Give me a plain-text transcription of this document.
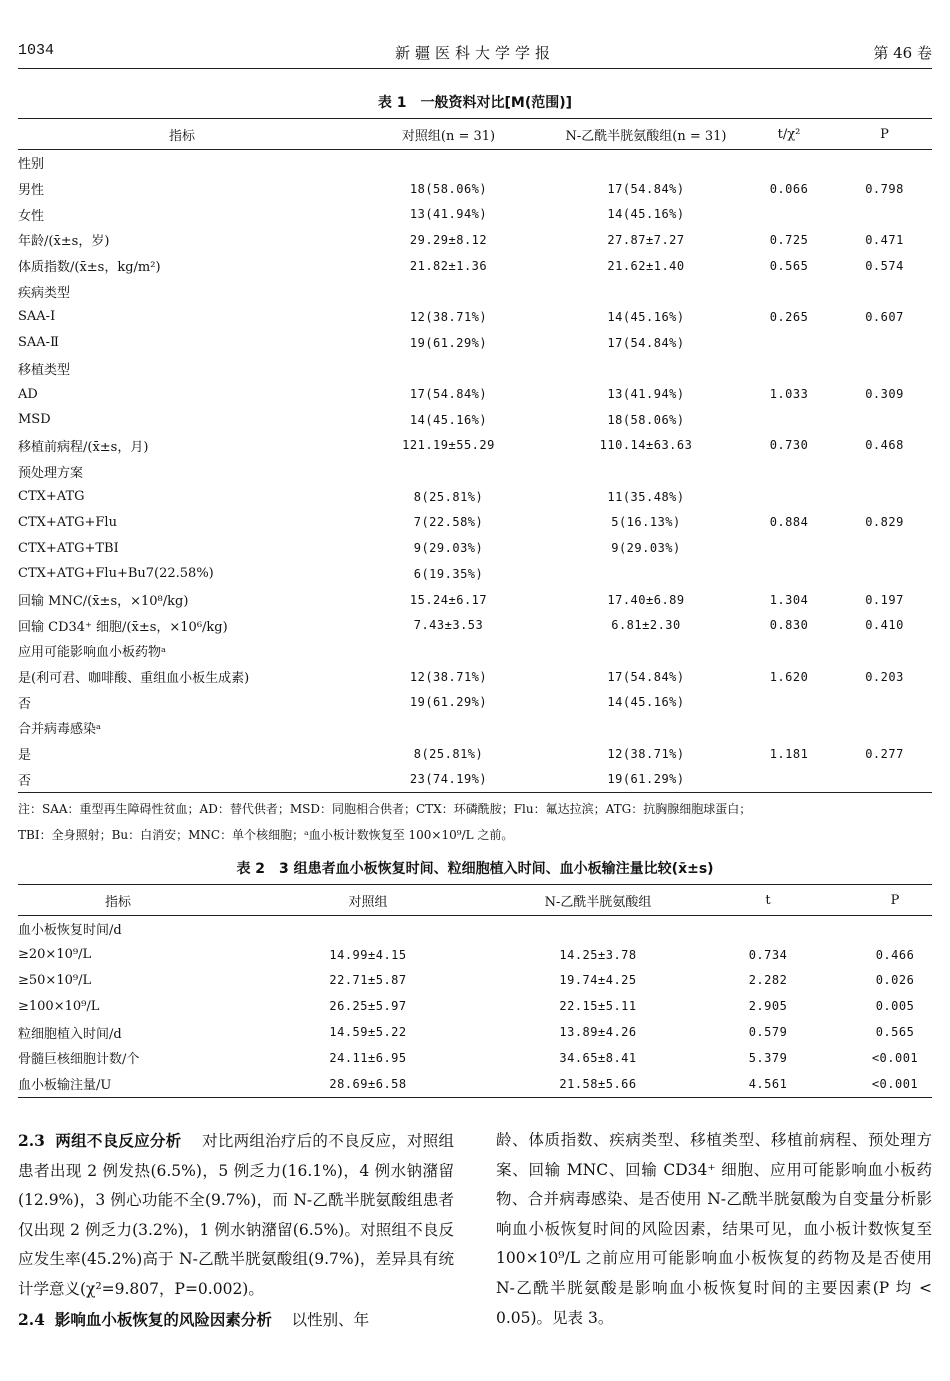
1034	新疆医科大学学报	第 46 卷
表 1　一般资料对比[M(范围)]
指标	对照组(n = 31)	N-乙酰半胱氨酸组(n = 31)	t/χ²	P
性别				
男性	18(58.06%)	17(54.84%)	0.066	0.798
女性	13(41.94%)	14(45.16%)		
年龄/(x̄±s，岁)	29.29±8.12	27.87±7.27	0.725	0.471
体质指数/(x̄±s，kg/m²)	21.82±1.36	21.62±1.40	0.565	0.574
疾病类型				
SAA-Ⅰ	12(38.71%)	14(45.16%)	0.265	0.607
SAA-Ⅱ	19(61.29%)	17(54.84%)		
移植类型				
AD	17(54.84%)	13(41.94%)	1.033	0.309
MSD	14(45.16%)	18(58.06%)		
移植前病程/(x̄±s，月)	121.19±55.29	110.14±63.63	0.730	0.468
预处理方案				
CTX+ATG	8(25.81%)	11(35.48%)		
CTX+ATG+Flu	7(22.58%)	5(16.13%)	0.884	0.829
CTX+ATG+TBI	9(29.03%)	9(29.03%)		
CTX+ATG+Flu+Bu7(22.58%)	6(19.35%)			
回输 MNC/(x̄±s，×10⁸/kg)	15.24±6.17	17.40±6.89	1.304	0.197
回输 CD34⁺ 细胞/(x̄±s，×10⁶/kg)	7.43±3.53	6.81±2.30	0.830	0.410
应用可能影响血小板药物ᵃ				
是(利可君、咖啡酸、重组血小板生成素)	12(38.71%)	17(54.84%)	1.620	0.203
否	19(61.29%)	14(45.16%)		
合并病毒感染ᵃ				
是	8(25.81%)	12(38.71%)	1.181	0.277
否	23(74.19%)	19(61.29%)		
注：SAA：重型再生障碍性贫血；AD：替代供者；MSD：同胞相合供者；CTX：环磷酰胺；Flu：氟达拉滨；ATG：抗胸腺细胞球蛋白；
TBI：全身照射；Bu：白消安；MNC：单个核细胞；ᵃ血小板计数恢复至 100×10⁹/L 之前。
表 2　3 组患者血小板恢复时间、粒细胞植入时间、血小板输注量比较(x̄±s)
指标	对照组	N-乙酰半胱氨酸组	t	P
血小板恢复时间/d				
≥20×10⁹/L	14.99±4.15	14.25±3.78	0.734	0.466
≥50×10⁹/L	22.71±5.87	19.74±4.25	2.282	0.026
≥100×10⁹/L	26.25±5.97	22.15±5.11	2.905	0.005
粒细胞植入时间/d	14.59±5.22	13.89±4.26	0.579	0.565
骨髓巨核细胞计数/个	24.11±6.95	34.65±8.41	5.379	<0.001
血小板输注量/U	28.69±6.58	21.58±5.66	4.561	<0.001

2.3 两组不良反应分析 对比两组治疗后的不良反应，对照组患者出现 2 例发热(6.5%)，5 例乏力(16.1%)，4 例水钠潴留(12.9%)，3 例心功能不全(9.7%)，而 N-乙酰半胱氨酸组患者仅出现 2 例乏力(3.2%)，1 例水钠潴留(6.5%)。对照组不良反应发生率(45.2%)高于 N-乙酰半胱氨酸组(9.7%)，差异具有统计学意义(χ²=9.807，P=0.002)。

2.4 影响血小板恢复的风险因素分析 以性别、年

龄、体质指数、疾病类型、移植类型、移植前病程、预处理方案、回输 MNC、回输 CD34⁺ 细胞、应用可能影响血小板药物、合并病毒感染、是否使用 N-乙酰半胱氨酸为自变量分析影响血小板恢复时间的风险因素，结果可见，血小板计数恢复至 100×10⁹/L 之前应用可能影响血小板恢复的药物及是否使用 N-乙酰半胱氨酸是影响血小板恢复时间的主要因素(P 均 < 0.05)。见表 3。
